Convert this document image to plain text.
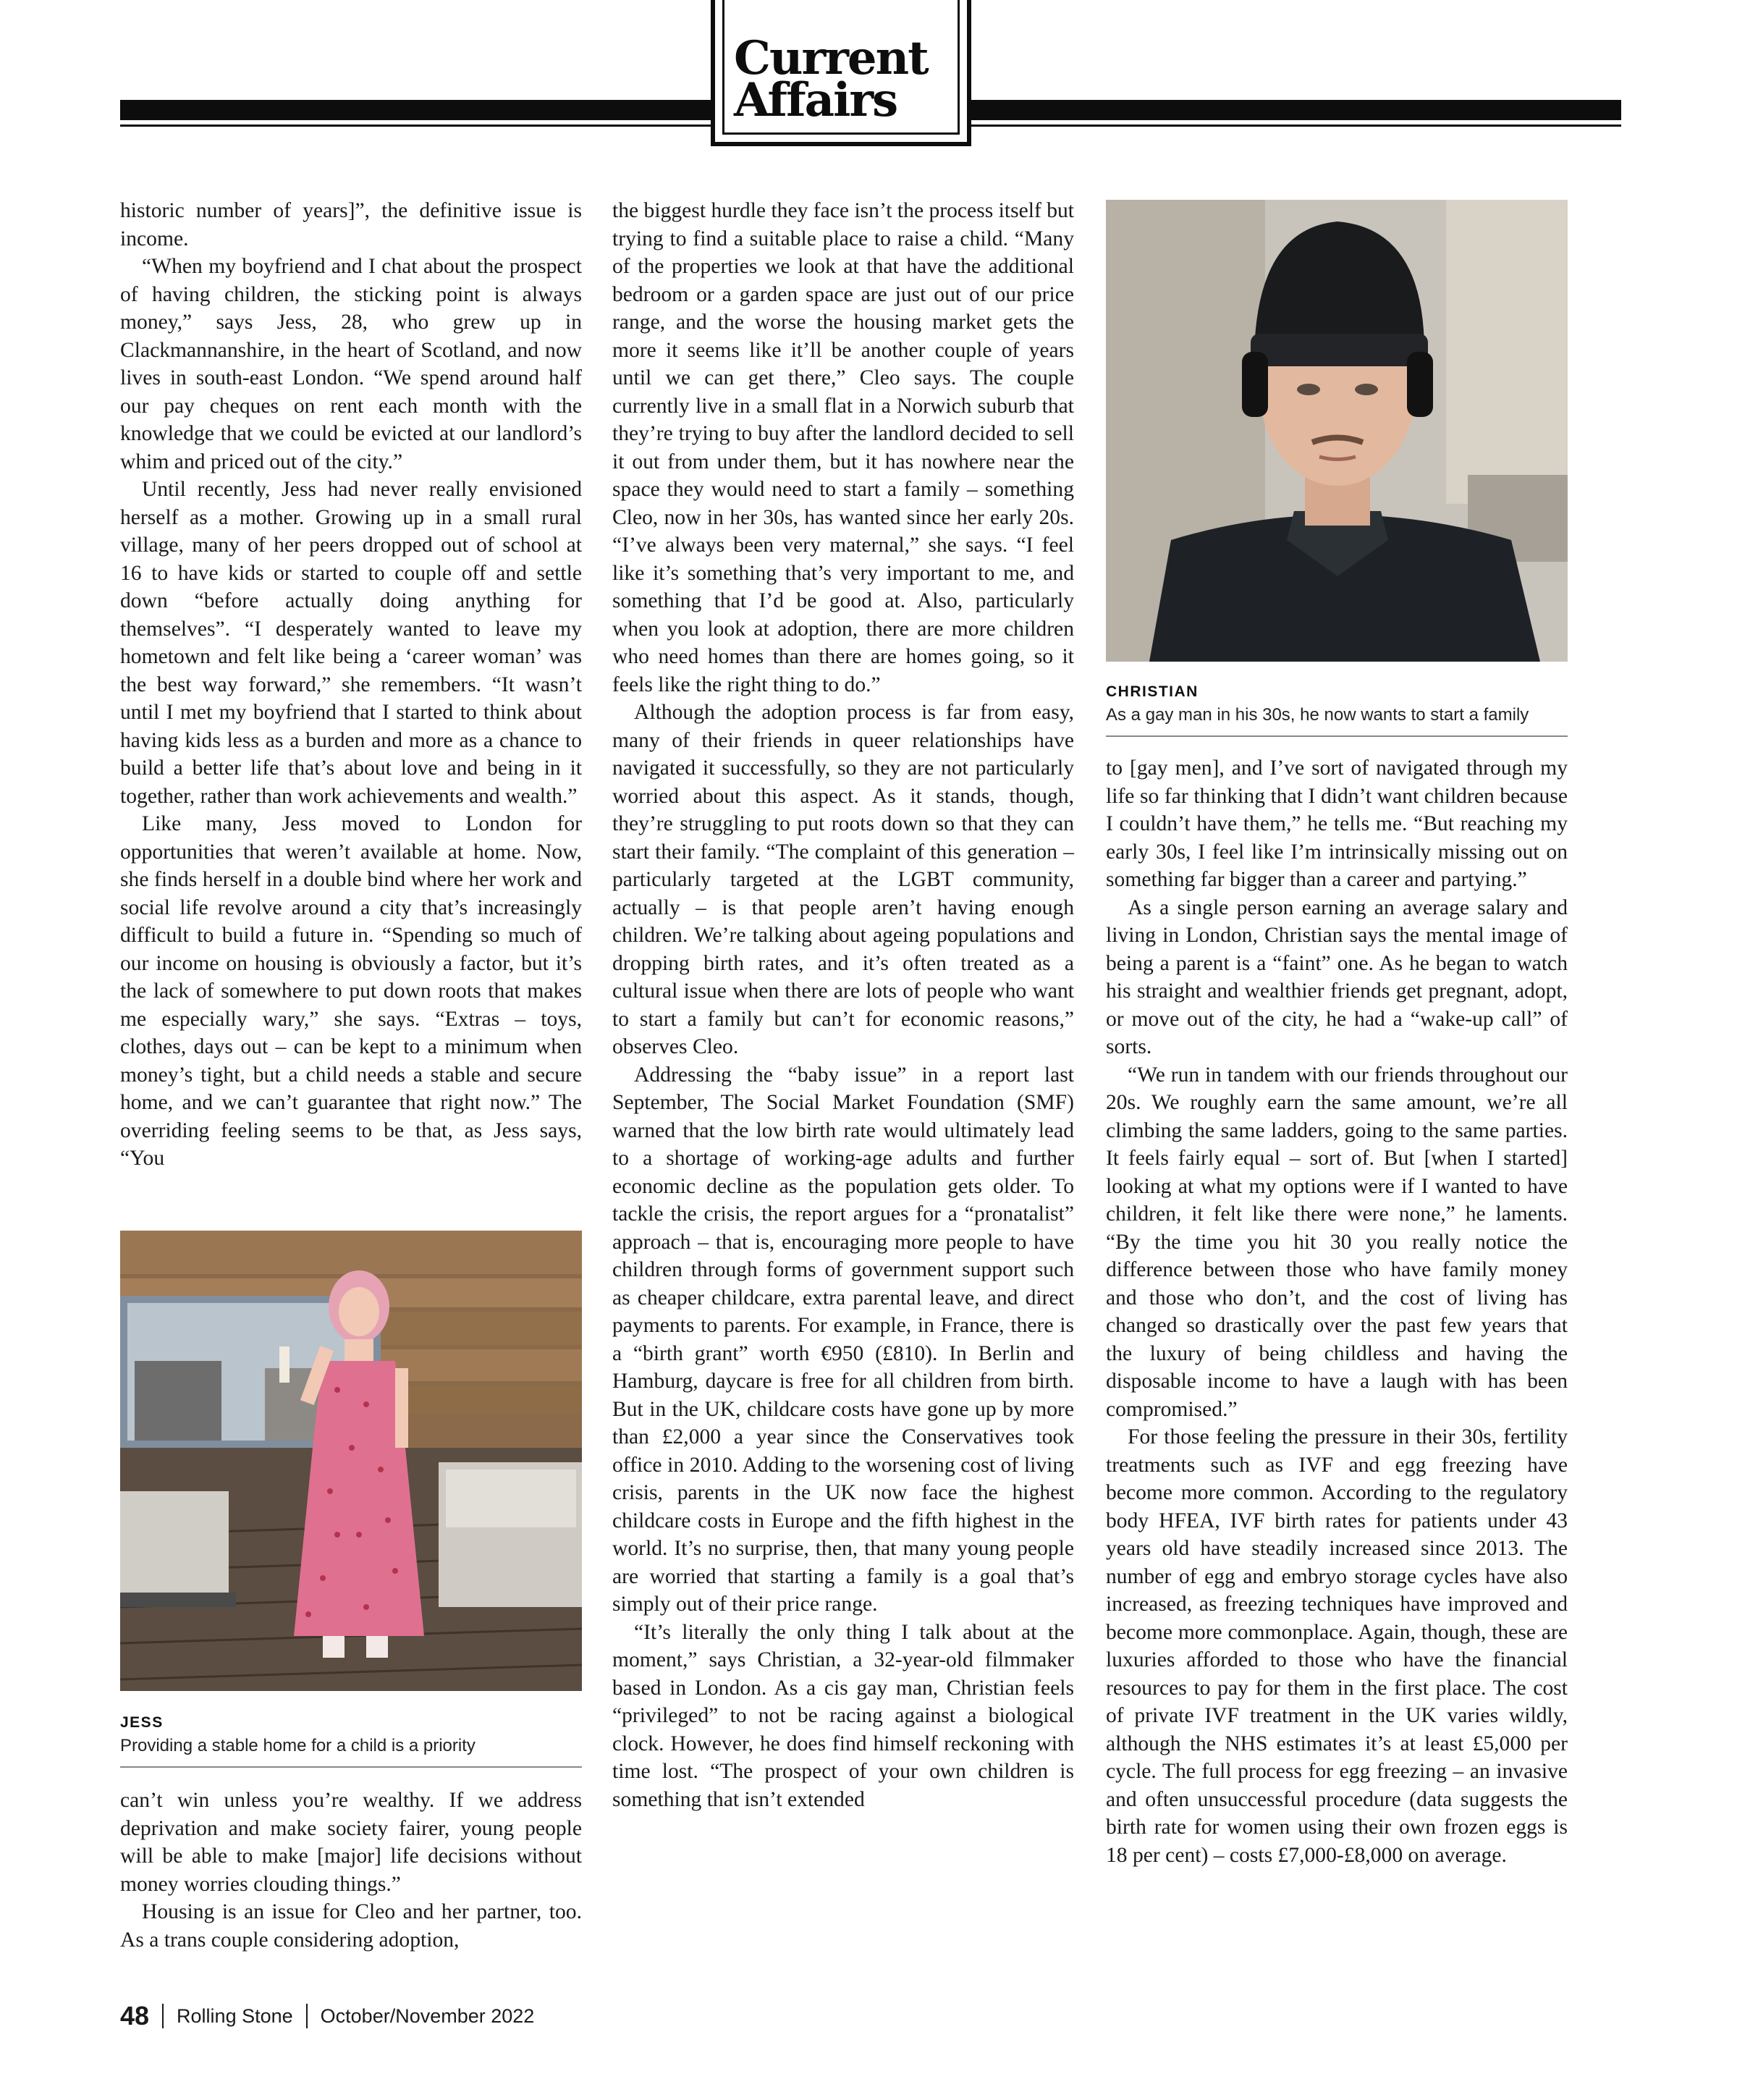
Current
Affairs

historic number of years]”, the definitive issue is income.

“When my boyfriend and I chat about the prospect of having children, the sticking point is always money,” says Jess, 28, who grew up in Clackmannanshire, in the heart of Scotland, and now lives in south-east London. “We spend around half our pay cheques on rent each month with the knowledge that we could be evicted at our landlord’s whim and priced out of the city.”

Until recently, Jess had never really envisioned herself as a mother. Growing up in a small rural village, many of her peers dropped out of school at 16 to have kids or started to couple off and settle down “before actually doing anything for themselves”. “I desperately wanted to leave my hometown and felt like being a ‘career woman’ was the best way forward,” she remembers. “It wasn’t until I met my boyfriend that I started to think about having kids less as a burden and more as a chance to build a better life that’s about love and being in it together, rather than work achievements and wealth.”

Like many, Jess moved to London for opportunities that weren’t available at home. Now, she finds herself in a double bind where her work and social life revolve around a city that’s increasingly difficult to build a future in. “Spending so much of our income on housing is obviously a factor, but it’s the lack of somewhere to put down roots that makes me especially wary,” she says. “Extras – toys, clothes, days out – can be kept to a minimum when money’s tight, but a child needs a stable and secure home, and we can’t guarantee that right now.” The overriding feeling seems to be that, as Jess says, “You

JESS
Providing a stable home for a child is a priority

can’t win unless you’re wealthy. If we address deprivation and make society fairer, young people will be able to make [major] life decisions without money worries clouding things.”

Housing is an issue for Cleo and her partner, too. As a trans couple considering adoption,

the biggest hurdle they face isn’t the process itself but trying to find a suitable place to raise a child. “Many of the properties we look at that have the additional bedroom or a garden space are just out of our price range, and the worse the housing market gets the more it seems like it’ll be another couple of years until we can get there,” Cleo says. The couple currently live in a small flat in a Norwich suburb that they’re trying to buy after the landlord decided to sell it out from under them, but it has nowhere near the space they would need to start a family – something Cleo, now in her 30s, has wanted since her early 20s. “I’ve always been very maternal,” she says. “I feel like it’s something that’s very important to me, and something that I’d be good at. Also, particularly when you look at adoption, there are more children who need homes than there are homes going, so it feels like the right thing to do.”

Although the adoption process is far from easy, many of their friends in queer relationships have navigated it successfully, so they are not particularly worried about this aspect. As it stands, though, they’re struggling to put roots down so that they can start their family. “The complaint of this generation – particularly targeted at the LGBT community, actually – is that people aren’t having enough children. We’re talking about ageing populations and dropping birth rates, and it’s often treated as a cultural issue when there are lots of people who want to start a family but can’t for economic reasons,” observes Cleo.

Addressing the “baby issue” in a report last September, The Social Market Foundation (SMF) warned that the low birth rate would ultimately lead to a shortage of working-age adults and further economic decline as the population gets older. To tackle the crisis, the report argues for a “pronatalist” approach – that is, encouraging more people to have children through forms of government support such as cheaper childcare, extra parental leave, and direct payments to parents. For example, in France, there is a “birth grant” worth €950 (£810). In Berlin and Hamburg, daycare is free for all children from birth. But in the UK, childcare costs have gone up by more than £2,000 a year since the Conservatives took office in 2010. Adding to the worsening cost of living crisis, parents in the UK now face the highest childcare costs in Europe and the fifth highest in the world. It’s no surprise, then, that many young people are worried that starting a family is a goal that’s simply out of their price range.

“It’s literally the only thing I talk about at the moment,” says Christian, a 32-year-old filmmaker based in London. As a cis gay man, Christian feels “privileged” to not be racing against a biological clock. However, he does find himself reckoning with time lost. “The prospect of your own children is something that isn’t extended

CHRISTIAN
As a gay man in his 30s, he now wants to start a family

to [gay men], and I’ve sort of navigated through my life so far thinking that I didn’t want children because I couldn’t have them,” he tells me. “But reaching my early 30s, I feel like I’m intrinsically missing out on something far bigger than a career and partying.”

As a single person earning an average salary and living in London, Christian says the mental image of being a parent is a “faint” one. As he began to watch his straight and wealthier friends get pregnant, adopt, or move out of the city, he had a “wake-up call” of sorts.

“We run in tandem with our friends throughout our 20s. We roughly earn the same amount, we’re all climbing the same ladders, going to the same parties. It feels fairly equal – sort of. But [when I started] looking at what my options were if I wanted to have children, it felt like there were none,” he laments. “By the time you hit 30 you really notice the difference between those who have family money and those who don’t, and the cost of living has changed so drastically over the past few years that the luxury of being childless and having the disposable income to have a laugh with has been compromised.”

For those feeling the pressure in their 30s, fertility treatments such as IVF and egg freezing have become more common. According to the regulatory body HFEA, IVF birth rates for patients under 43 years old have steadily increased since 2013. The number of egg and embryo storage cycles have also increased, as freezing techniques have improved and become more commonplace. Again, though, these are luxuries afforded to those who have the financial resources to pay for them in the first place. The cost of private IVF treatment in the UK varies wildly, although the NHS estimates it’s at least £5,000 per cycle. The full process for egg freezing – an invasive and often unsuccessful procedure (data suggests the birth rate for women using their own frozen eggs is 18 per cent) – costs £7,000-£8,000 on average.

48 Rolling Stone October/November 2022
